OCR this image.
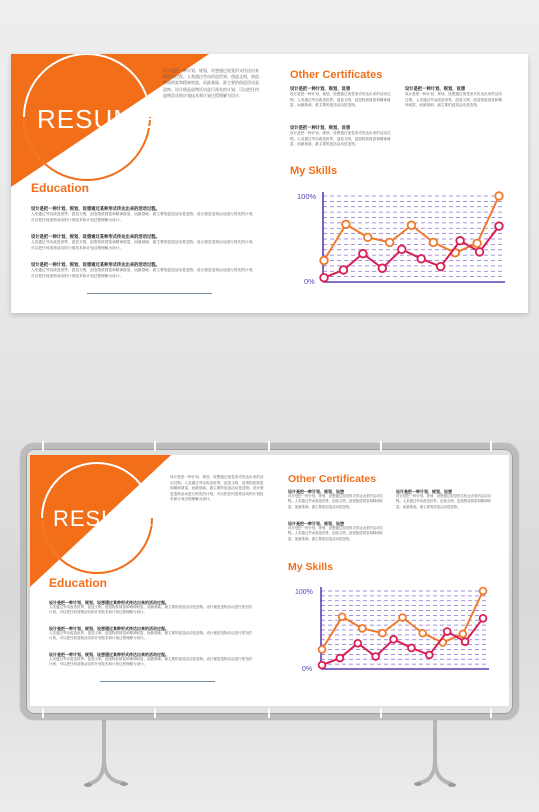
RESUME
设计是把一种计划、规划、设想通过视觉形式传达出来的活动过程。人类通过劳动改造世界，创造文明，创造物质财富和精神财富，而最基础、最主要的创造活动是造物。设计便是造物活动进行预先的计划，可以把任何造物活动的计划技术和计划过程理解为设计。
Education
设计是把一种计划、规划、设想通过某种形式传达出来的活动过程。
人类通过劳动改造世界，创造文明，创造物质财富和精神财富，而最基础、最主要的创造活动是造物。设计便是造物活动进行预先的计划，可以把任何造物活动的计划技术和计划过程理解为设计。
设计是把一种计划、规划、设想通过某种形式传达出来的活动过程。
人类通过劳动改造世界，创造文明，创造物质财富和精神财富，而最基础、最主要的创造活动是造物。设计便是造物活动进行预先的计划，可以把任何造物活动的计划技术和计划过程理解为设计。
设计是把一种计划、规划、设想通过某种形式传达出来的活动过程。
人类通过劳动改造世界，创造文明，创造物质财富和精神财富，而最基础、最主要的创造活动是造物。设计便是造物活动进行预先的计划，可以把任何造物活动的计划技术和计划过程理解为设计。
Other Certificates
设计是把一种计划、规划、设想
设计是把一种计划、规划、设想通过视觉形式传达出来的活动过程。人类通过劳动改造世界，创造文明，创造物质财富和精神财富，而最基础、最主要的创造活动是造物。
设计是把一种计划、规划、设想
设计是把一种计划、规划、设想通过视觉形式传达出来的活动过程。人类通过劳动改造世界，创造文明，创造物质财富和精神财富，而最基础、最主要的创造活动是造物。
设计是把一种计划、规划、设想
设计是把一种计划、规划、设想通过视觉形式传达出来的活动过程。人类通过劳动改造世界，创造文明，创造物质财富和精神财富，而最基础、最主要的创造活动是造物。
My Skills
100%
0%
RESUME
设计是把一种计划、规划、设想通过视觉形式传达出来的活动过程。人类通过劳动改造世界，创造文明，创造物质财富和精神财富，而最基础、最主要的创造活动是造物。设计便是造物活动进行预先的计划，可以把任何造物活动的计划技术和计划过程理解为设计。
Education
设计是把一种计划、规划、设想通过某种形式传达出来的活动过程。
人类通过劳动改造世界，创造文明，创造物质财富和精神财富，而最基础、最主要的创造活动是造物。设计便是造物活动进行预先的计划，可以把任何造物活动的计划技术和计划过程理解为设计。
设计是把一种计划、规划、设想通过某种形式传达出来的活动过程。
人类通过劳动改造世界，创造文明，创造物质财富和精神财富，而最基础、最主要的创造活动是造物。设计便是造物活动进行预先的计划，可以把任何造物活动的计划技术和计划过程理解为设计。
设计是把一种计划、规划、设想通过某种形式传达出来的活动过程。
人类通过劳动改造世界，创造文明，创造物质财富和精神财富，而最基础、最主要的创造活动是造物。设计便是造物活动进行预先的计划，可以把任何造物活动的计划技术和计划过程理解为设计。
Other Certificates
设计是把一种计划、规划、设想
设计是把一种计划、规划、设想通过视觉形式传达出来的活动过程。人类通过劳动改造世界，创造文明，创造物质财富和精神财富，而最基础、最主要的创造活动是造物。
设计是把一种计划、规划、设想
设计是把一种计划、规划、设想通过视觉形式传达出来的活动过程。人类通过劳动改造世界，创造文明，创造物质财富和精神财富，而最基础、最主要的创造活动是造物。
设计是把一种计划、规划、设想
设计是把一种计划、规划、设想通过视觉形式传达出来的活动过程。人类通过劳动改造世界，创造文明，创造物质财富和精神财富，而最基础、最主要的创造活动是造物。
My Skills
100%
0%
